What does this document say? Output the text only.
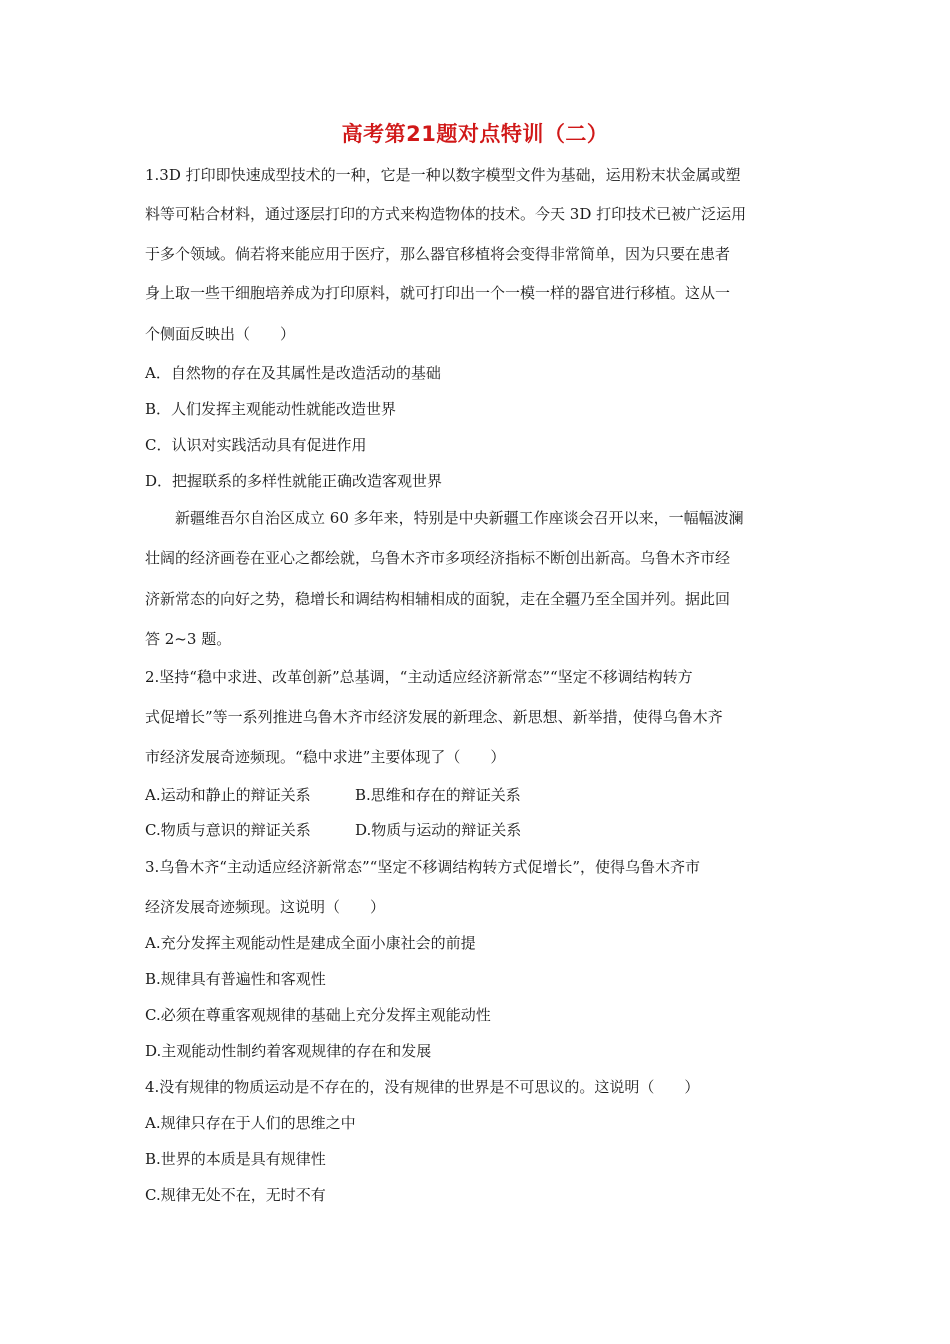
高考第21题对点特训（二）
1.3D 打印即快速成型技术的一种，它是一种以数字模型文件为基础，运用粉末状金属或塑
料等可粘合材料，通过逐层打印的方式来构造物体的技术。今天 3D 打印技术已被广泛运用
于多个领域。倘若将来能应用于医疗，那么器官移植将会变得非常简单，因为只要在患者
身上取一些干细胞培养成为打印原料，就可打印出一个一模一样的器官进行移植。这从一
个侧面反映出（　　）
A．自然物的存在及其属性是改造活动的基础
B．人们发挥主观能动性就能改造世界
C．认识对实践活动具有促进作用
D．把握联系的多样性就能正确改造客观世界
　　新疆维吾尔自治区成立 60 多年来，特别是中央新疆工作座谈会召开以来，一幅幅波澜
壮阔的经济画卷在亚心之都绘就，乌鲁木齐市多项经济指标不断创出新高。乌鲁木齐市经
济新常态的向好之势，稳增长和调结构相辅相成的面貌，走在全疆乃至全国并列。据此回
答 2~3 题。
2.坚持“稳中求进、改革创新”总基调，“主动适应经济新常态”“坚定不移调结构转方
式促增长”等一系列推进乌鲁木齐市经济发展的新理念、新思想、新举措，使得乌鲁木齐
市经济发展奇迹频现。“稳中求进”主要体现了（　　）
A.运动和静止的辩证关系	B.思维和存在的辩证关系
C.物质与意识的辩证关系	D.物质与运动的辩证关系
3.乌鲁木齐“主动适应经济新常态”“坚定不移调结构转方式促增长”，使得乌鲁木齐市
经济发展奇迹频现。这说明（　　）
A.充分发挥主观能动性是建成全面小康社会的前提
B.规律具有普遍性和客观性
C.必须在尊重客观规律的基础上充分发挥主观能动性
D.主观能动性制约着客观规律的存在和发展
4.没有规律的物质运动是不存在的，没有规律的世界是不可思议的。这说明（　　）
A.规律只存在于人们的思维之中
B.世界的本质是具有规律性
C.规律无处不在，无时不有
